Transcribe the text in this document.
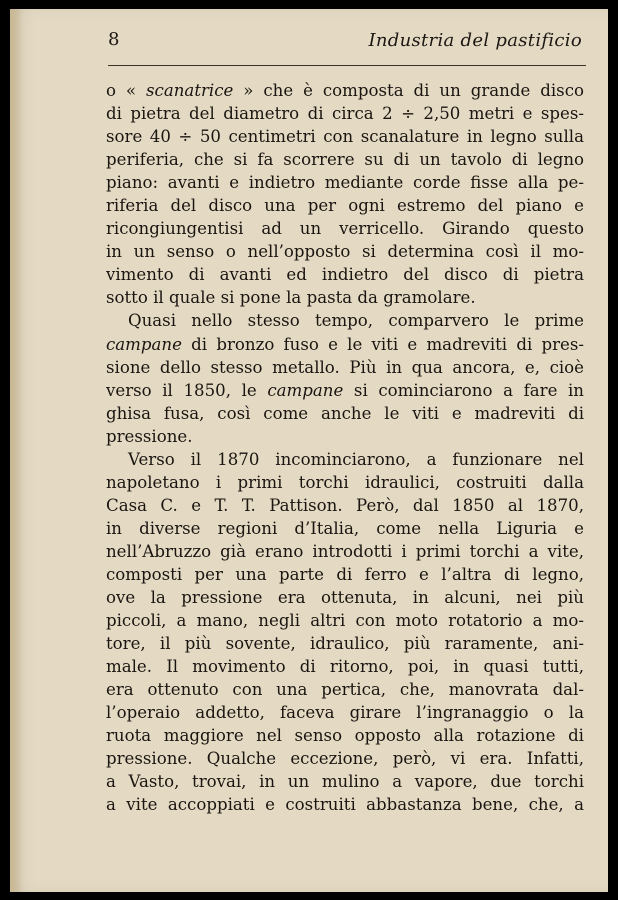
8	Industria del pastificio
o « scanatrice » che è composta di un grande disco
di pietra del diametro di circa 2 ÷ 2,50 metri e spes-
sore 40 ÷ 50 centimetri con scanalature in legno sulla
periferia, che si fa scorrere su di un tavolo di legno
piano: avanti e indietro mediante corde fisse alla pe-
riferia del disco una per ogni estremo del piano e
ricongiungentisi ad un verricello. Girando questo
in un senso o nell’opposto si determina così il mo-
vimento di avanti ed indietro del disco di pietra
sotto il quale si pone la pasta da gramolare.
Quasi nello stesso tempo, comparvero le prime
campane di bronzo fuso e le viti e madreviti di pres-
sione dello stesso metallo. Più in qua ancora, e, cioè
verso il 1850, le campane si cominciarono a fare in
ghisa fusa, così come anche le viti e madreviti di
pressione.
Verso il 1870 incominciarono, a funzionare nel
napoletano i primi torchi idraulici, costruiti dalla
Casa C. e T. T. Pattison. Però, dal 1850 al 1870,
in diverse regioni d’Italia, come nella Liguria e
nell’Abruzzo già erano introdotti i primi torchi a vite,
composti per una parte di ferro e l’altra di legno,
ove la pressione era ottenuta, in alcuni, nei più
piccoli, a mano, negli altri con moto rotatorio a mo-
tore, il più sovente, idraulico, più raramente, ani-
male. Il movimento di ritorno, poi, in quasi tutti,
era ottenuto con una pertica, che, manovrata dal-
l’operaio addetto, faceva girare l’ingranaggio o la
ruota maggiore nel senso opposto alla rotazione di
pressione. Qualche eccezione, però, vi era. Infatti,
a Vasto, trovai, in un mulino a vapore, due torchi
a vite accoppiati e costruiti abbastanza bene, che, a
